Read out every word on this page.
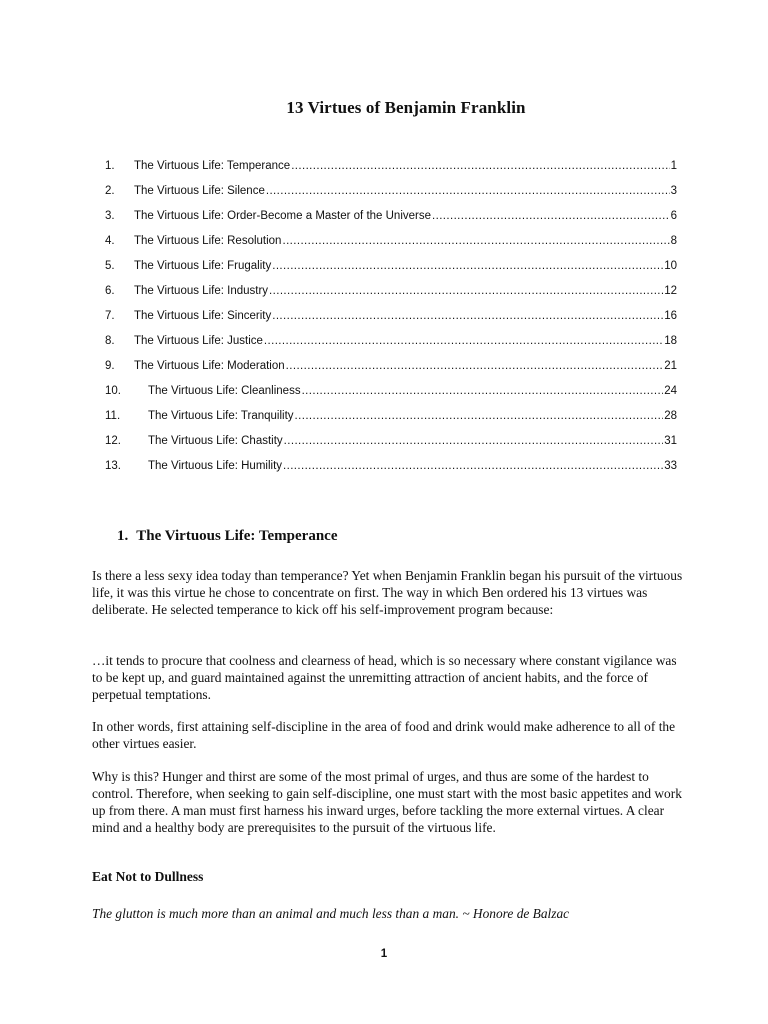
13 Virtues of Benjamin Franklin
1. The Virtuous Life: Temperance .....	1
2. The Virtuous Life: Silence .....	3
3. The Virtuous Life: Order-Become a Master of the Universe .....	6
4. The Virtuous Life: Resolution .....	8
5. The Virtuous Life: Frugality .....	10
6. The Virtuous Life: Industry .....	12
7. The Virtuous Life: Sincerity .....	16
8. The Virtuous Life: Justice .....	18
9. The Virtuous Life: Moderation .....	21
10. The Virtuous Life: Cleanliness .....	24
11. The Virtuous Life: Tranquility .....	28
12. The Virtuous Life: Chastity .....	31
13. The Virtuous Life: Humility .....	33
1. The Virtuous Life: Temperance

Is there a less sexy idea today than temperance? Yet when Benjamin Franklin began his pursuit of the virtuous life, it was this virtue he chose to concentrate on first. The way in which Ben ordered his 13 virtues was deliberate. He selected temperance to kick off his self-improvement program because:

…it tends to procure that coolness and clearness of head, which is so necessary where constant vigilance was to be kept up, and guard maintained against the unremitting attraction of ancient habits, and the force of perpetual temptations.

In other words, first attaining self-discipline in the area of food and drink would make adherence to all of the other virtues easier.

Why is this? Hunger and thirst are some of the most primal of urges, and thus are some of the hardest to control. Therefore, when seeking to gain self-discipline, one must start with the most basic appetites and work up from there. A man must first harness his inward urges, before tackling the more external virtues. A clear mind and a healthy body are prerequisites to the pursuit of the virtuous life.

Eat Not to Dullness

The glutton is much more than an animal and much less than a man. ~ Honore de Balzac

1
